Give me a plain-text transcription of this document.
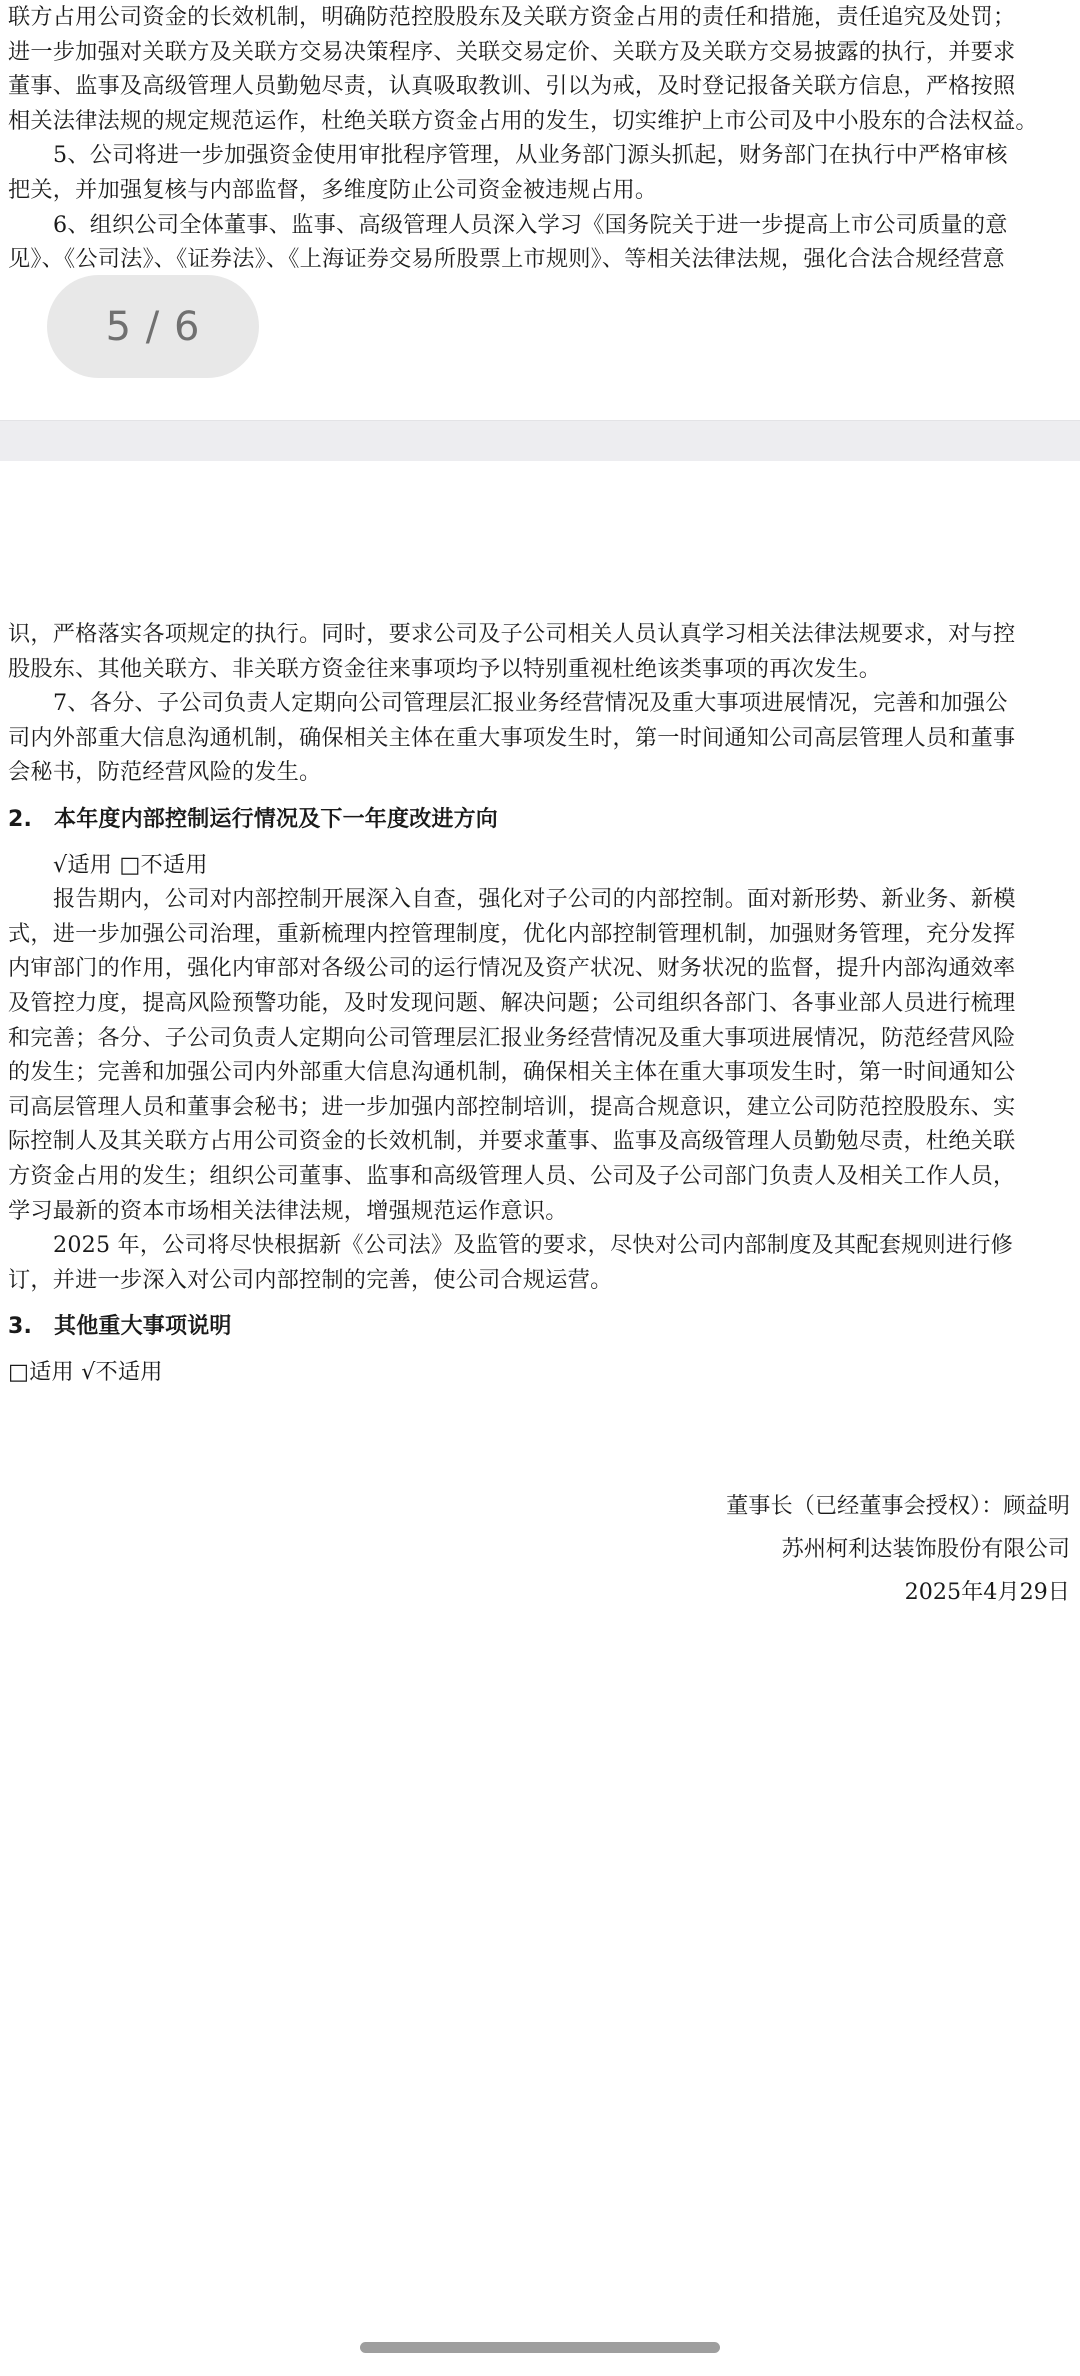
联方占用公司资金的长效机制，明确防范控股股东及关联方资金占用的责任和措施，责任追究及处罚；

进一步加强对关联方及关联方交易决策程序、关联交易定价、关联方及关联方交易披露的执行，并要求

董事、监事及高级管理人员勤勉尽责，认真吸取教训、引以为戒，及时登记报备关联方信息，严格按照

相关法律法规的规定规范运作，杜绝关联方资金占用的发生，切实维护上市公司及中小股东的合法权益。

5、公司将进一步加强资金使用审批程序管理，从业务部门源头抓起，财务部门在执行中严格审核

把关，并加强复核与内部监督，多维度防止公司资金被违规占用。

6、组织公司全体董事、监事、高级管理人员深入学习《国务院关于进一步提高上市公司质量的意

见》、《公司法》、《证券法》、《上海证券交易所股票上市规则》、等相关法律法规，强化合法合规经营意

5 / 6

识，严格落实各项规定的执行。同时，要求公司及子公司相关人员认真学习相关法律法规要求，对与控

股股东、其他关联方、非关联方资金往来事项均予以特别重视杜绝该类事项的再次发生。

7、各分、子公司负责人定期向公司管理层汇报业务经营情况及重大事项进展情况，完善和加强公

司内外部重大信息沟通机制，确保相关主体在重大事项发生时，第一时间通知公司高层管理人员和董事

会秘书，防范经营风险的发生。

2. 本年度内部控制运行情况及下一年度改进方向

√适用 □不适用

报告期内，公司对内部控制开展深入自查，强化对子公司的内部控制。面对新形势、新业务、新模

式，进一步加强公司治理，重新梳理内控管理制度，优化内部控制管理机制，加强财务管理，充分发挥

内审部门的作用，强化内审部对各级公司的运行情况及资产状况、财务状况的监督，提升内部沟通效率

及管控力度，提高风险预警功能，及时发现问题、解决问题；公司组织各部门、各事业部人员进行梳理

和完善；各分、子公司负责人定期向公司管理层汇报业务经营情况及重大事项进展情况，防范经营风险

的发生；完善和加强公司内外部重大信息沟通机制，确保相关主体在重大事项发生时，第一时间通知公

司高层管理人员和董事会秘书；进一步加强内部控制培训，提高合规意识，建立公司防范控股股东、实

际控制人及其关联方占用公司资金的长效机制，并要求董事、监事及高级管理人员勤勉尽责，杜绝关联

方资金占用的发生；组织公司董事、监事和高级管理人员、公司及子公司部门负责人及相关工作人员，

学习最新的资本市场相关法律法规，增强规范运作意识。

2025 年，公司将尽快根据新《公司法》及监管的要求，尽快对公司内部制度及其配套规则进行修

订，并进一步深入对公司内部控制的完善，使公司合规运营。

3. 其他重大事项说明

□适用 √不适用

董事长（已经董事会授权）：顾益明

苏州柯利达装饰股份有限公司

2025年4月29日
